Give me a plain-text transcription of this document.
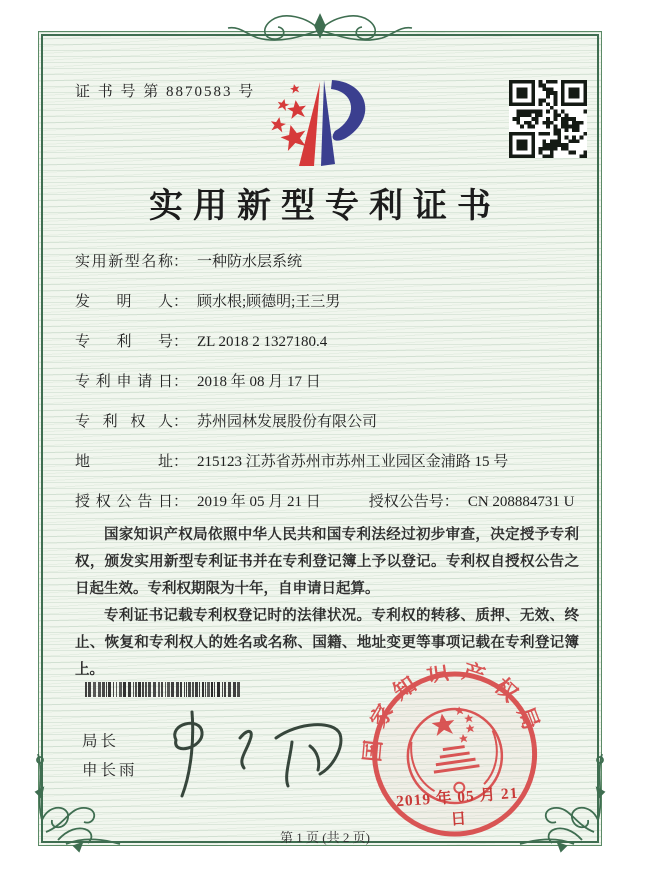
证 书 号 第 8870583 号
实用新型专利证书
实用新型名称： 一种防水层系统
发明人： 顾水根;顾德明;王三男
专利号： ZL 2018 2 1327180.4
专利申请日： 2018 年 08 月 17 日
专利权人： 苏州园林发展股份有限公司
地址： 215123 江苏省苏州市苏州工业园区金浦路 15 号
授权公告日： 2019 年 05 月 21 日	授权公告号： CN 208884731 U

国家知识产权局依照中华人民共和国专利法经过初步审查，决定授予专利权，颁发实用新型专利证书并在专利登记簿上予以登记。专利权自授权公告之日起生效。专利权期限为十年，自申请日起算。

专利证书记载专利权登记时的法律状况。专利权的转移、质押、无效、终止、恢复和专利权人的姓名或名称、国籍、地址变更等事项记载在专利登记簿上。

局长
申长雨
国家知识产权局
2019 年 05 月 21 日
第 1 页 (共 2 页)
